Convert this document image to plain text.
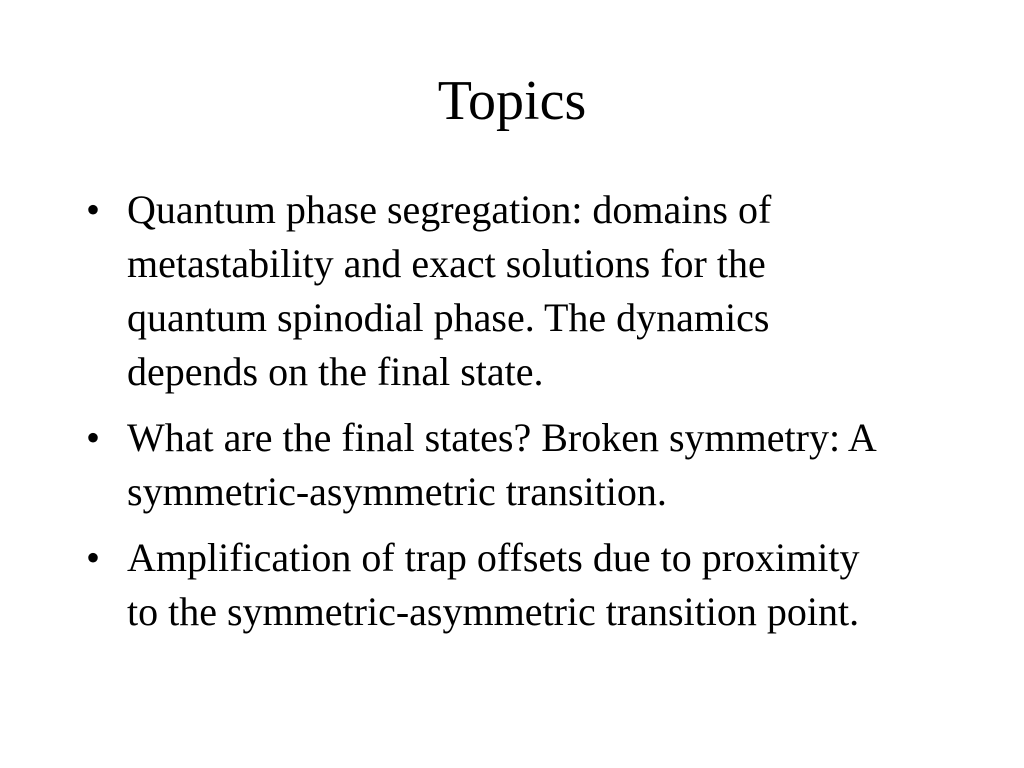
Topics
• Quantum phase segregation: domains of metastability and exact solutions for the quantum spinodial phase. The dynamics depends on the final state.
• What are the final states? Broken symmetry: A symmetric-asymmetric transition.
• Amplification of trap offsets due to proximity to the symmetric-asymmetric transition point.
